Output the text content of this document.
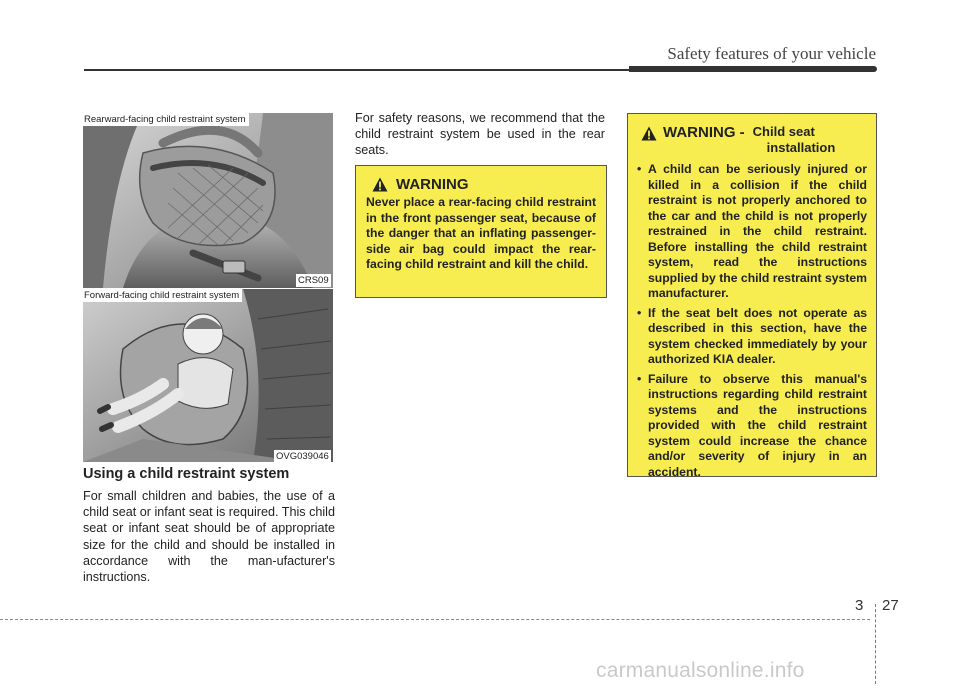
Safety features of your vehicle
Rearward-facing child restraint system
CRS09
Forward-facing child restraint system
OVG039046
Using a child restraint system
For small children and babies, the use of a child seat or infant seat is required. This child seat or infant seat should be of appropriate size for the child and should be installed in accordance with the man-ufacturer's instructions.
For safety reasons, we recommend that the child restraint system be used in the rear seats.
WARNING
Never place a rear-facing child restraint in the front passenger seat, because of the danger that an inflating passenger-side air bag could impact the rear-facing child restraint and kill the child.
WARNING - Child seat
installation
• A child can be seriously injured or killed in a collision if the child restraint is not properly anchored to the car and the child is not properly restrained in the child restraint. Before installing the child restraint system, read the instructions supplied by the child restraint system manufacturer.
• If the seat belt does not operate as described in this section, have the system checked immediately by your authorized KIA dealer.
• Failure to observe this manual's instructions regarding child restraint systems and the instructions provided with the child restraint system could increase the chance and/or severity of injury in an accident.
3 27
carmanualsonline.info
